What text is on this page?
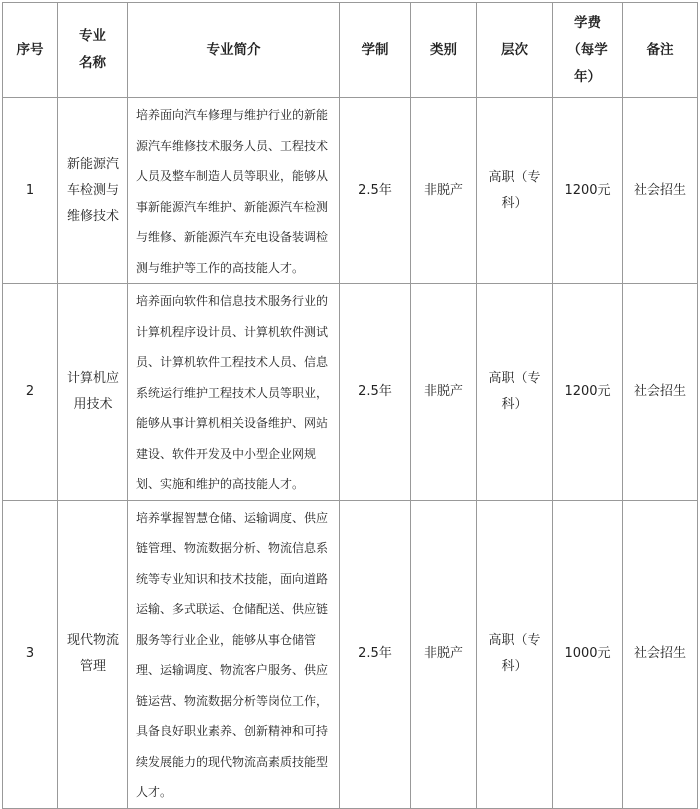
序号	专业名称	专业简介	学制	类别	层次	学费（每学年）	备注
1	新能源汽车检测与维修技术	培养面向汽车修理与维护行业的新能源汽车维修技术服务人员、工程技术人员及整车制造人员等职业，能够从事新能源汽车维护、新能源汽车检测与维修、新能源汽车充电设备装调检测与维护等工作的高技能人才。	2.5年	非脱产	高职（专科）	1200元	社会招生
2	计算机应用技术	培养面向软件和信息技术服务行业的计算机程序设计员、计算机软件测试员、计算机软件工程技术人员、信息系统运行维护工程技术人员等职业，能够从事计算机相关设备维护、网站建设、软件开发及中小型企业网规划、实施和维护的高技能人才。	2.5年	非脱产	高职（专科）	1200元	社会招生
3	现代物流管理	培养掌握智慧仓储、运输调度、供应链管理、物流数据分析、物流信息系统等专业知识和技术技能，面向道路运输、多式联运、仓储配送、供应链服务等行业企业，能够从事仓储管理、运输调度、物流客户服务、供应链运营、物流数据分析等岗位工作，具备良好职业素养、创新精神和可持续发展能力的现代物流高素质技能型人才。	2.5年	非脱产	高职（专科）	1000元	社会招生
